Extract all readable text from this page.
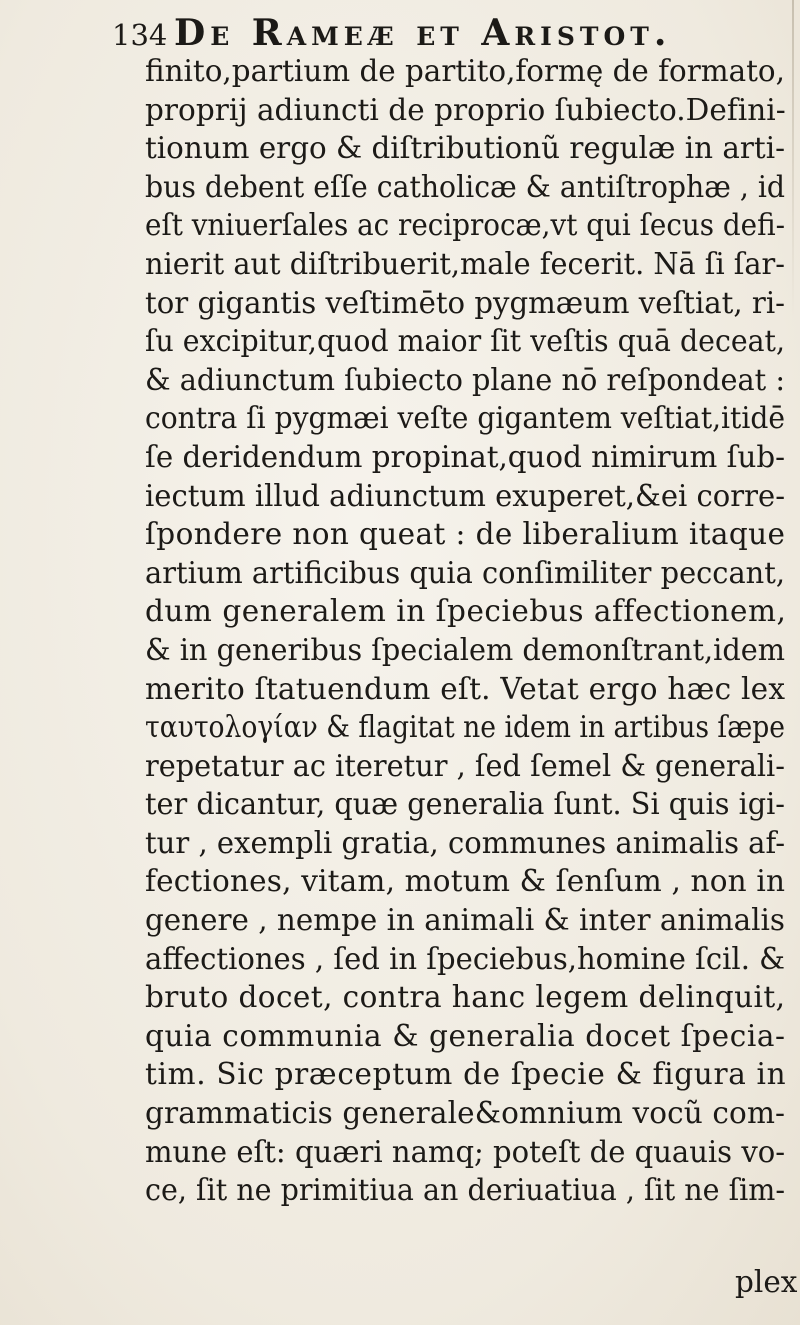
134 De Rameæ et Aristot.
finito,partium de partito,formę de formato,
proprij adiuncti de proprio ſubiecto.Defini-
tionum ergo & diſtributionũ regulæ in arti-
bus debent eſſe catholicæ & antiſtrophæ , id
eſt vniuerſales ac reciprocæ,vt qui ſecus defi-
nierit aut diſtribuerit,male fecerit. Nā ſi ſar-
tor gigantis veſtimēto pygmæum veſtiat, ri-
ſu excipitur,quod maior ſit veſtis quā deceat,
& adiunctum ſubiecto plane nō reſpondeat :
contra ſi pygmæi veſte gigantem veſtiat,itidē
ſe deridendum propinat,quod nimirum ſub-
iectum illud adiunctum exuperet,&ei corre-
ſpondere non queat : de liberalium itaque
artium artificibus quia conſimiliter peccant,
dum generalem in ſpeciebus affectionem,
& in generibus ſpecialem demonſtrant,idem
merito ſtatuendum eſt. Vetat ergo hæc lex
ταυτολογίαν & flagitat ne idem in artibus ſæpe
repetatur ac iteretur , ſed ſemel & generali-
ter dicantur, quæ generalia ſunt. Si quis igi-
tur , exempli gratia, communes animalis af-
fectiones, vitam, motum & ſenſum , non in
genere , nempe in animali & inter animalis
affectiones , ſed in ſpeciebus,homine ſcil. &
bruto docet, contra hanc legem delinquit,
quia communia & generalia docet ſpecia-
tim. Sic præceptum de ſpecie & figura in
grammaticis generale&omnium vocũ com-
mune eſt: quæri namq; poteſt de quauis vo-
ce, ſit ne primitiua an deriuatiua , ſit ne ſim-
plex
